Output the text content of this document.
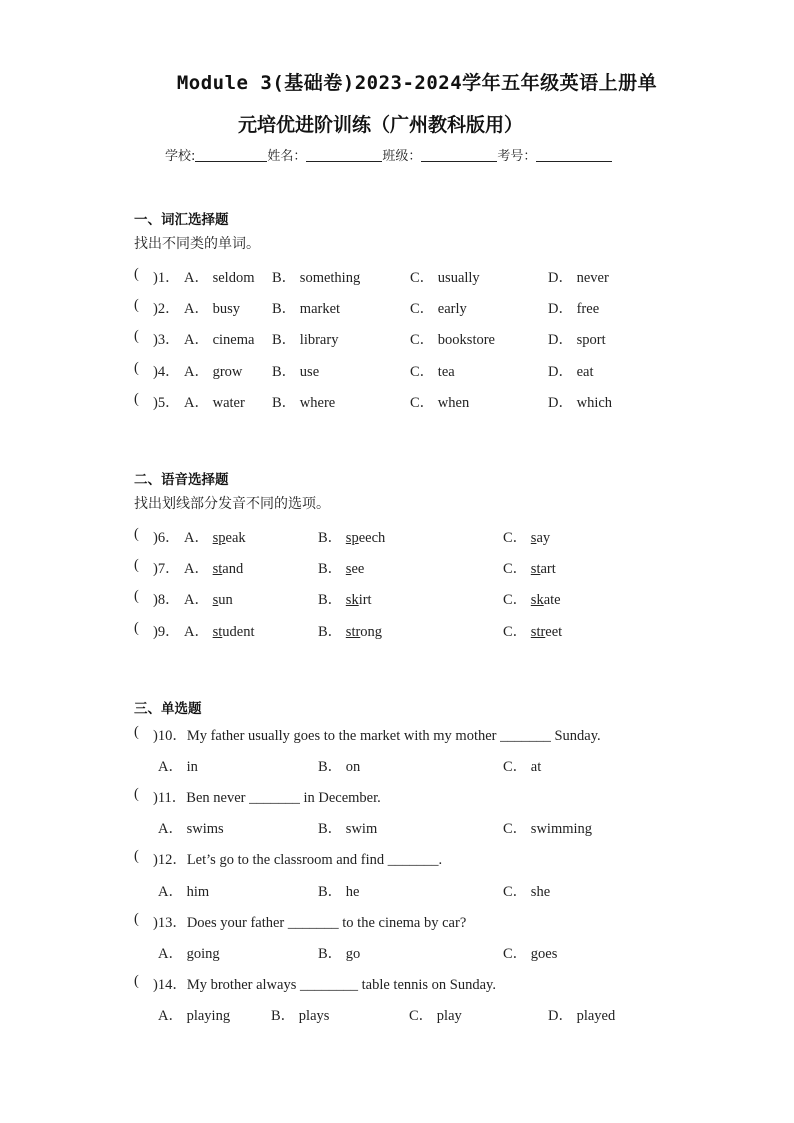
Module 3(基础卷)2023-2024学年五年级英语上册单
元培优进阶训练（广州教科版用）
学校:	姓名：	班级：	考号：
一、词汇选择题
找出不同类的单词。
( )1． A． seldom B． something	C． usually	D． never
( )2． A． busy B． market	C． early	D． free
( )3． A． cinema B． library	C． bookstore	D． sport
( )4． A． grow B． use	C． tea	D． eat
( )5． A． water B． where	C． when	D． which
二、语音选择题
找出划线部分发音不同的选项。
( )6． A． speak	B． speech	C． say
( )7． A． stand	B． see	C． start
( )8． A． sun	B． skirt	C． skate
( )9． A． student	B． strong	C． street
三、单选题
( )10．My father usually goes to the market with my mother _______ Sunday.
A． in	B． on	C． at
( )11．Ben never _______ in December.
A． swims	B． swim	C． swimming
( )12．Let’s go to the classroom and find _______.
A． him	B． he	C． she
( )13．Does your father _______ to the cinema by car?
A． going	B． go	C． goes
( )14．My brother always ________ table tennis on Sunday.
A． playing	B． plays	C． play	D． played
